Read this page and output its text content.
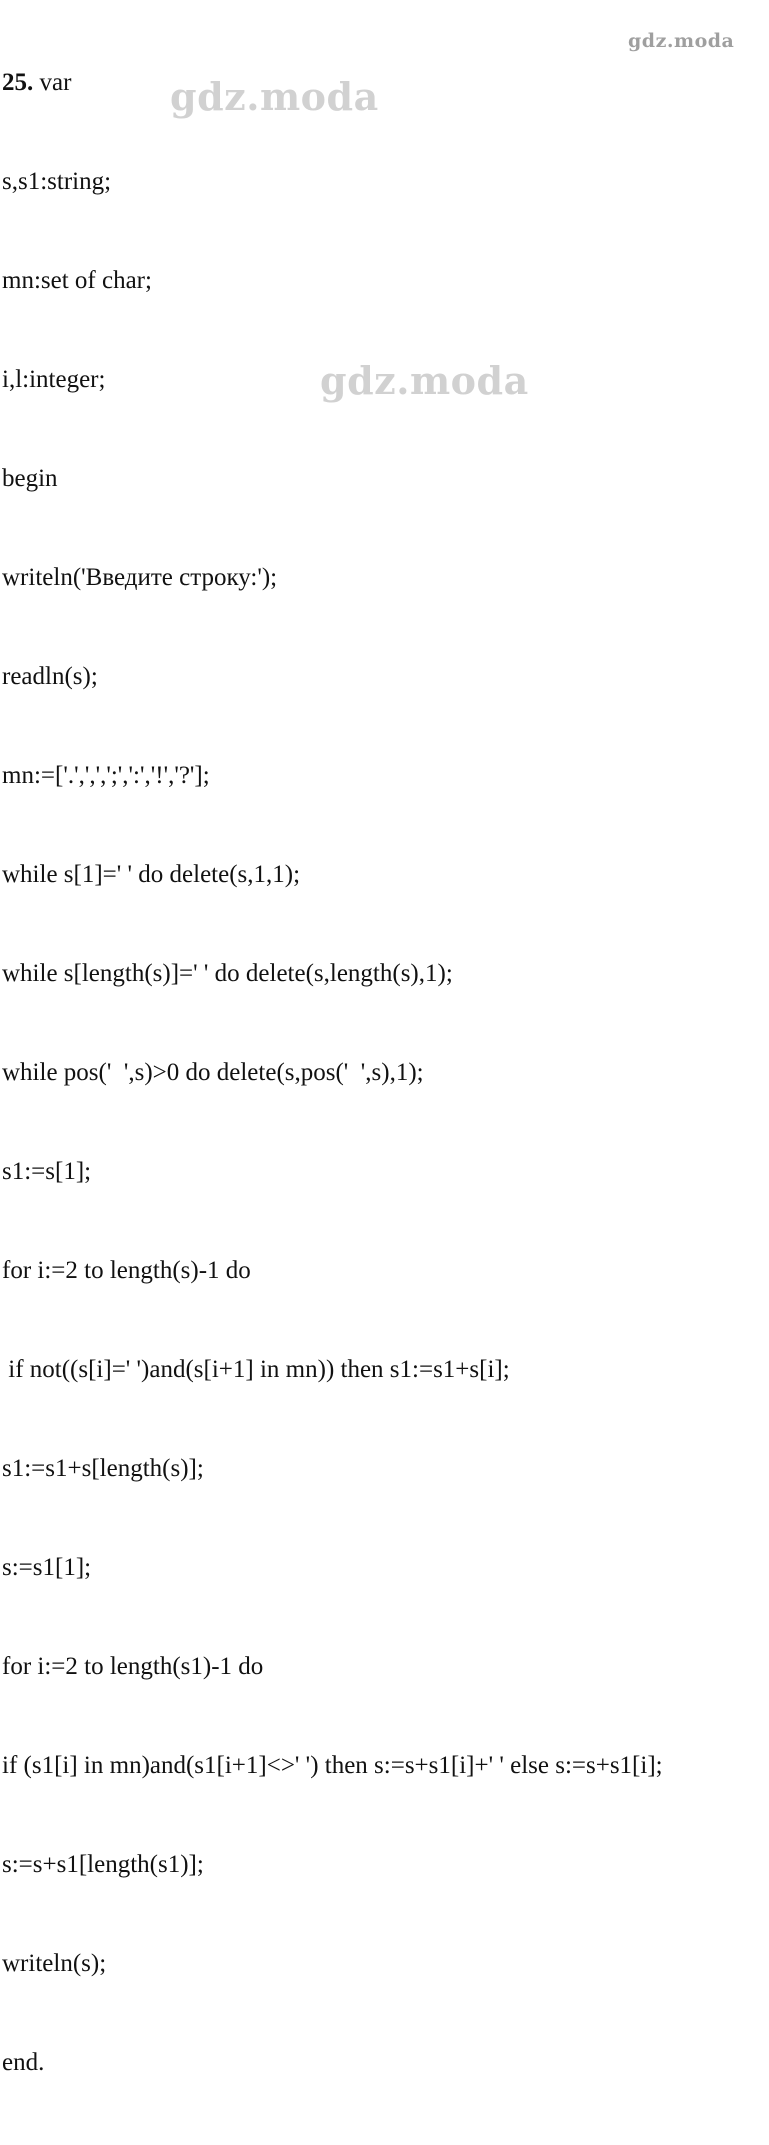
25. var

s,s1:string;

mn:set of char;

i,l:integer;

begin

writeln('Введите строку:');

readln(s);

mn:=['.',',',';',':','!','?'];

while s[1]=' ' do delete(s,1,1);

while s[length(s)]=' ' do delete(s,length(s),1);

while pos('  ',s)>0 do delete(s,pos('  ',s),1);

s1:=s[1];

for i:=2 to length(s)-1 do

if not((s[i]=' ')and(s[i+1] in mn)) then s1:=s1+s[i];

s1:=s1+s[length(s)];

s:=s1[1];

for i:=2 to length(s1)-1 do

if (s1[i] in mn)and(s1[i+1]<>' ') then s:=s+s1[i]+' ' else s:=s+s1[i];

s:=s+s1[length(s1)];

writeln(s);

end.

gdz.moda
gdz.moda
gdz.moda
